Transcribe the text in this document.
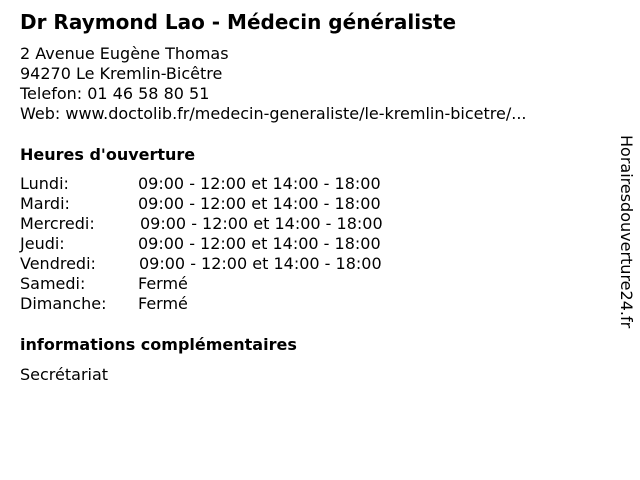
Dr Raymond Lao - Médecin généraliste
2 Avenue Eugène Thomas
94270 Le Kremlin-Bicêtre
Telefon: 01 46 58 80 51
Web: www.doctolib.fr/medecin-generaliste/le-kremlin-bicetre/...
Heures d'ouverture
Lundi:	09:00 - 12:00 et 14:00 - 18:00
Mardi:	09:00 - 12:00 et 14:00 - 18:00
Mercredi:	09:00 - 12:00 et 14:00 - 18:00
Jeudi:	09:00 - 12:00 et 14:00 - 18:00
Vendredi:	09:00 - 12:00 et 14:00 - 18:00
Samedi:	Fermé
Dimanche: Fermé
informations complémentaires
Secrétariat
Horairesdouverture24.fr
